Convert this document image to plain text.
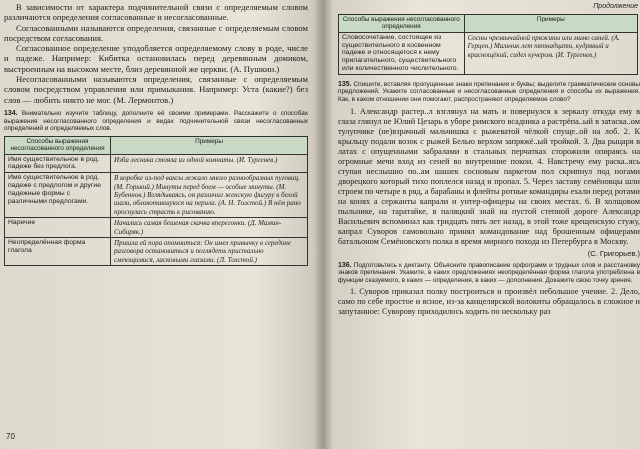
В зависимости от характера подчинительной связи с определяемым словом различаются определения согласованные и несогласованные.

Согласованными называются определения, связанные с определяемым словом посредством согласования.

Согласованное определение уподобляется определяемому слову в роде, числе и падеже. Например: Кибитка остановилась перед деревянным домиком, выстроенным на высоком месте, близ деревянной же церкви. (А. Пушкин.)

Несогласованными называются определения, связанные с определяемым словом посредством управления или примыкания. Например: Уста (какие?) без слов — любить никто не мог. (М. Лермонтов.)

134. Внимательно изучите таблицу, дополните её своими примерами. Расскажите о способах выражения несогласованного определения и видах подчинительной связи несогласованных определений и определяемых слов.
Способы выражения несогласованного определения	Примеры
Имя существительное в род. падеже без предлога.	Изба лесника стояла из одной комнаты. (И. Тургенев.)
Имя существительное в род. падеже с предлогом и другие падежные формы с различными предлогами.	В коробке из-под ваксы лежало много разнообразных пуговиц. (М. Горький.) Минуты перед боем — особые минуты. (М. Бубеннов.) Вглядываясь, он различил женскую фигуру в белой шали, облокотившуюся на перила. (А. Н. Толстой.) В нём рано проснулась страсть к рисованию.
Наречие	Начались самая бешеная скачка вперегонки. (Д. Мамин-Сибиряк.)
Неопределённая форма глагола	Пришла ей пора опомниться: Он имел привычку в середине разговора остановиться и поглядеть пристально смеющимися, ласковыми глазами. (Л. Толстой.)
70
Продолжение
Способы выражения несогласованного определения	Примеры
Словосочетание, состоящее из существительного в косвенном падеже и относящегося к нему прилагательного, существительного или количественного числительного.	Сосны чрезвычайной пряжины или мимо саней. (А. Герцен.) Мальчик лет пятнадцати, кудрявый и краснощёкий, сидел кучером. (И. Тургенев.)
135. Спишите, вставляя пропущенные знаки препинания и буквы; выделите грамматические основы предложений. Укажите согласованные и несогласованные определения и способы их выражения. Как, в каком отношении они помогают, распространяют определяемое слово?

1. Александр растер..л взглянул на мать и повернулся к зеркалу откуда ему в глаза глянул не Юлий Цезарь в уборе римского всадника а растрёпа..ый в затаска..ом тулупчике (не)взрачный мальчишка с рыжеватой чёлкой спуще..ой на лоб. 2. К крыльцу подали возок с рыжей Белью верхом запряжё..ый тройкой. 3. Два рыцаря в латах с опущенными забралами в стальных перчатках сторожили опираясь на огромные мечи вход из сеней во внутренние покои. 4. Навстречу ему раска..ясь ступая неслышно по..ам шашек сосновым паркетом пол скрипнул под ногами дворецкого который тихо поплелся назад и пропал. 5. Через заставу семёновцы шли строем по четыре в ряд, а барабаны и флейты ротные командиры ехали перед ротами на конях а сержанты капрали и унтер-офицеры на своих местах. 6. В холщовом пыльнике, на таратайке, в паляцкий знай на пустой степной дороге Александр Васильевич вспоминал как тридцать пять лет назад, в этой тоже крещенскую стужу, капрал Суворов самовольно принял командование над брошенным офицерами батальоном Семёновского полка в время мирного похода из Петербурга в Москву.

(С. Григорьев.)
136. Подготовьтесь к диктанту. Объясните правописание орфограмм и трудных слов и расстановку знаков препинания. Укажите, в каких предложениях неопределённая форма глагола употреблена в функции сказуемого, в каких — определения, в каких — дополнения. Докажите свою точку зрения.

1. Суворов приказал полку построиться и произвёл небольшое учение. 2. Дело, само по себе простое и ясное, из-за канцелярской волокиты обращалось в сложное и запутанное: Суворову приходилось ходить по нескольку раз
